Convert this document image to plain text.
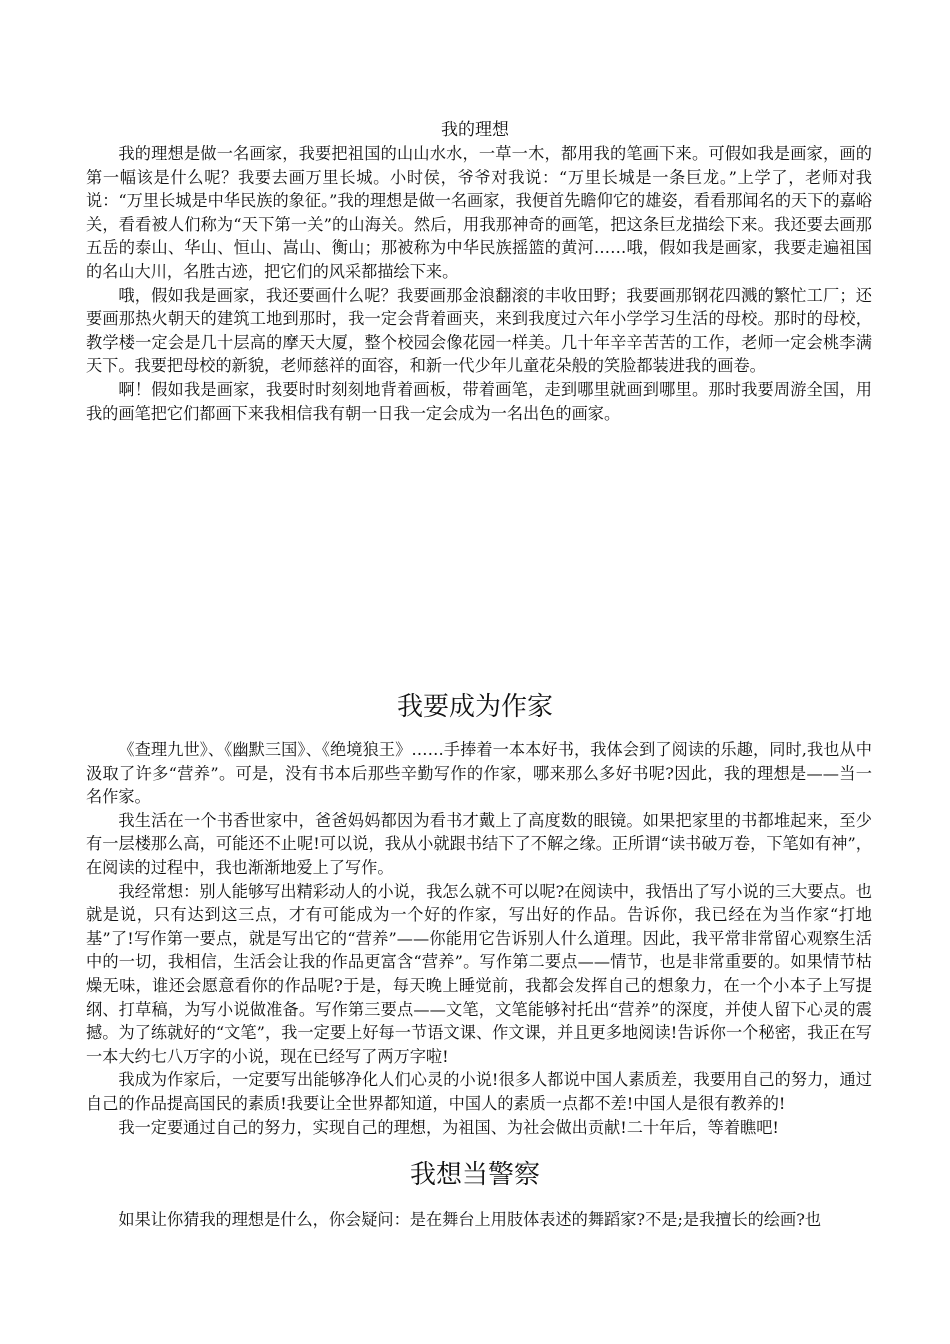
我的理想

我的理想是做一名画家，我要把祖国的山山水水，一草一木，都用我的笔画下来。可假如我是画家，画的第一幅该是什么呢？我要去画万里长城。小时侯，爷爷对我说：“万里长城是一条巨龙。”上学了，老师对我说：“万里长城是中华民族的象征。”我的理想是做一名画家，我便首先瞻仰它的雄姿，看看那闻名的天下的嘉峪关，看看被人们称为“天下第一关”的山海关。然后，用我那神奇的画笔，把这条巨龙描绘下来。我还要去画那五岳的泰山、华山、恒山、嵩山、衡山；那被称为中华民族摇篮的黄河……哦，假如我是画家，我要走遍祖国的名山大川，名胜古迹，把它们的风采都描绘下来。

哦，假如我是画家，我还要画什么呢？我要画那金浪翻滚的丰收田野；我要画那钢花四溅的繁忙工厂；还要画那热火朝天的建筑工地到那时，我一定会背着画夹，来到我度过六年小学学习生活的母校。那时的母校，教学楼一定会是几十层高的摩天大厦，整个校园会像花园一样美。几十年辛辛苦苦的工作，老师一定会桃李满天下。我要把母校的新貌，老师慈祥的面容，和新一代少年儿童花朵般的笑脸都装进我的画卷。

啊！假如我是画家，我要时时刻刻地背着画板，带着画笔，走到哪里就画到哪里。那时我要周游全国，用我的画笔把它们都画下来我相信我有朝一日我一定会成为一名出色的画家。

我要成为作家

《查理九世》、《幽默三国》、《绝境狼王》……手捧着一本本好书，我体会到了阅读的乐趣，同时,我也从中汲取了许多“营养”。可是，没有书本后那些辛勤写作的作家，哪来那么多好书呢?因此，我的理想是——当一名作家。

我生活在一个书香世家中，爸爸妈妈都因为看书才戴上了高度数的眼镜。如果把家里的书都堆起来，至少有一层楼那么高，可能还不止呢!可以说，我从小就跟书结下了不解之缘。正所谓“读书破万卷，下笔如有神”，在阅读的过程中，我也渐渐地爱上了写作。

我经常想：别人能够写出精彩动人的小说，我怎么就不可以呢?在阅读中，我悟出了写小说的三大要点。也就是说，只有达到这三点，才有可能成为一个好的作家，写出好的作品。告诉你，我已经在为当作家“打地基”了!写作第一要点，就是写出它的“营养”——你能用它告诉别人什么道理。因此，我平常非常留心观察生活中的一切，我相信，生活会让我的作品更富含“营养”。写作第二要点——情节，也是非常重要的。如果情节枯燥无味，谁还会愿意看你的作品呢?于是，每天晚上睡觉前，我都会发挥自己的想象力，在一个小本子上写提纲、打草稿，为写小说做准备。写作第三要点——文笔，文笔能够衬托出“营养”的深度，并使人留下心灵的震撼。为了练就好的“文笔”，我一定要上好每一节语文课、作文课，并且更多地阅读!告诉你一个秘密，我正在写一本大约七八万字的小说，现在已经写了两万字啦!

我成为作家后，一定要写出能够净化人们心灵的小说!很多人都说中国人素质差，我要用自己的努力，通过自己的作品提高国民的素质!我要让全世界都知道，中国人的素质一点都不差!中国人是很有教养的!

我一定要通过自己的努力，实现自己的理想，为祖国、为社会做出贡献!二十年后，等着瞧吧!

我想当警察

如果让你猜我的理想是什么，你会疑问：是在舞台上用肢体表述的舞蹈家?不是;是我擅长的绘画?也
